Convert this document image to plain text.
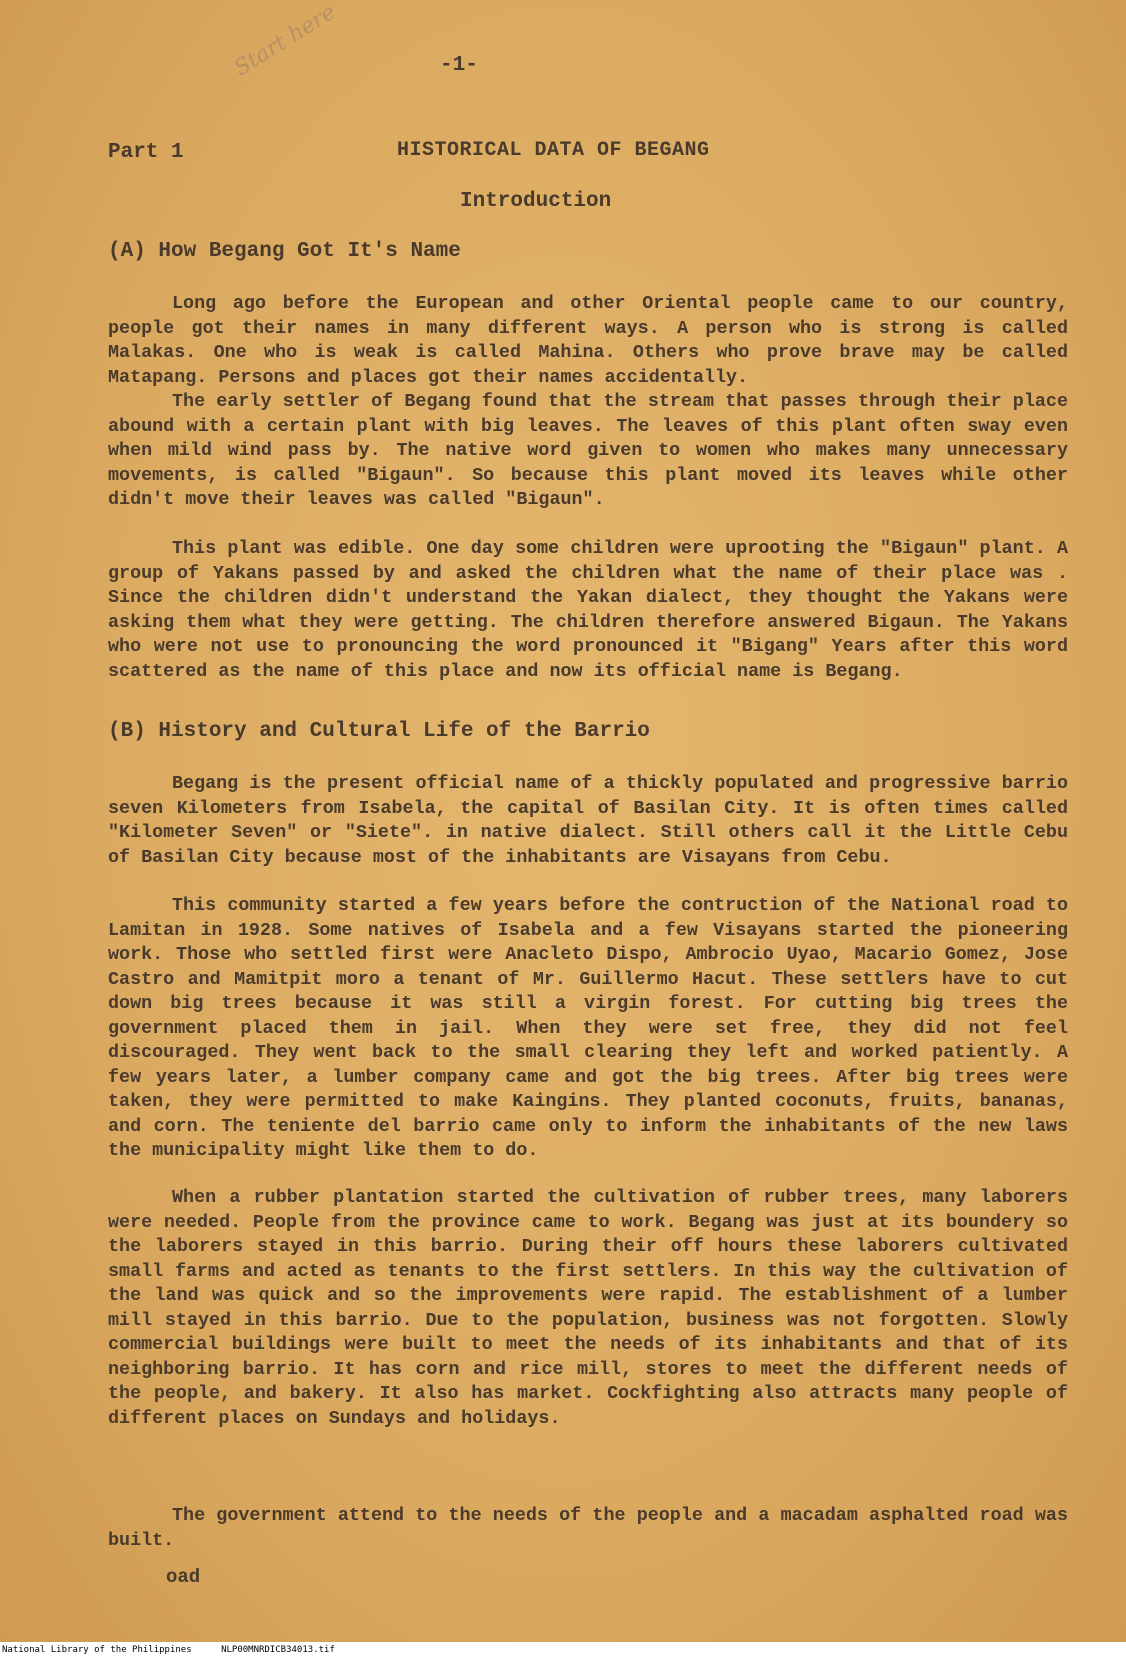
Start here	-1-
Part 1	HISTORICAL DATA OF BEGANG
Introduction
(A) How Begang Got It's Name

Long ago before the European and other Oriental people came to our country, people got their names in many different ways. A person who is strong is called Malakas. One who is weak is called Mahina. Others who prove brave may be called Matapang. Persons and places got their names accidentally.

The early settler of Begang found that the stream that passes through their place abound with a certain plant with big leaves. The leaves of this plant often sway even when mild wind pass by. The native word given to women who makes many unnecessary movements, is called "Bigaun". So because this plant moved its leaves while other didn't move their leaves was called "Bigaun".

This plant was edible. One day some children were uprooting the "Bigaun" plant. A group of Yakans passed by and asked the children what the name of their place was . Since the children didn't understand the Yakan dialect, they thought the Yakans were asking them what they were getting. The children therefore answered Bigaun. The Yakans who were not use to pronouncing the word pronounced it "Bigang" Years after this word scattered as the name of this place and now its official name is Begang.

(B) History and Cultural Life of the Barrio

Begang is the present official name of a thickly populated and progressive barrio seven Kilometers from Isabela, the capital of Basilan City. It is often times called "Kilometer Seven" or "Siete". in native dialect. Still others call it the Little Cebu of Basilan City because most of the inhabitants are Visayans from Cebu.

This community started a few years before the contruction of the National road to Lamitan in 1928. Some natives of Isabela and a few Visayans started the pioneering work. Those who settled first were Anacleto Dispo, Ambrocio Uyao, Macario Gomez, Jose Castro and Mamitpit moro a tenant of Mr. Guillermo Hacut. These settlers have to cut down big trees because it was still a virgin forest. For cutting big trees the government placed them in jail. When they were set free, they did not feel discouraged. They went back to the small clearing they left and worked patiently. A few years later, a lumber company came and got the big trees. After big trees were taken, they were permitted to make Kaingins. They planted coconuts, fruits, bananas, and corn. The teniente del barrio came only to inform the inhabitants of the new laws the municipality might like them to do.

When a rubber plantation started the cultivation of rubber trees, many laborers were needed. People from the province came to work. Begang was just at its boundery so the laborers stayed in this barrio. During their off hours these laborers cultivated small farms and acted as tenants to the first settlers. In this way the cultivation of the land was quick and so the improvements were rapid. The establishment of a lumber mill stayed in this barrio. Due to the population, business was not forgotten. Slowly commercial buildings were built to meet the needs of its inhabitants and that of its neighboring barrio. It has corn and rice mill, stores to meet the different needs of the people, and bakery. It also has market. Cockfighting also attracts many people of different places on Sundays and holidays.

The government attend to the needs of the people and a macadam asphalted road was built.

oad
National Library of the Philippines	NLP00MNRDICB34013.tif
